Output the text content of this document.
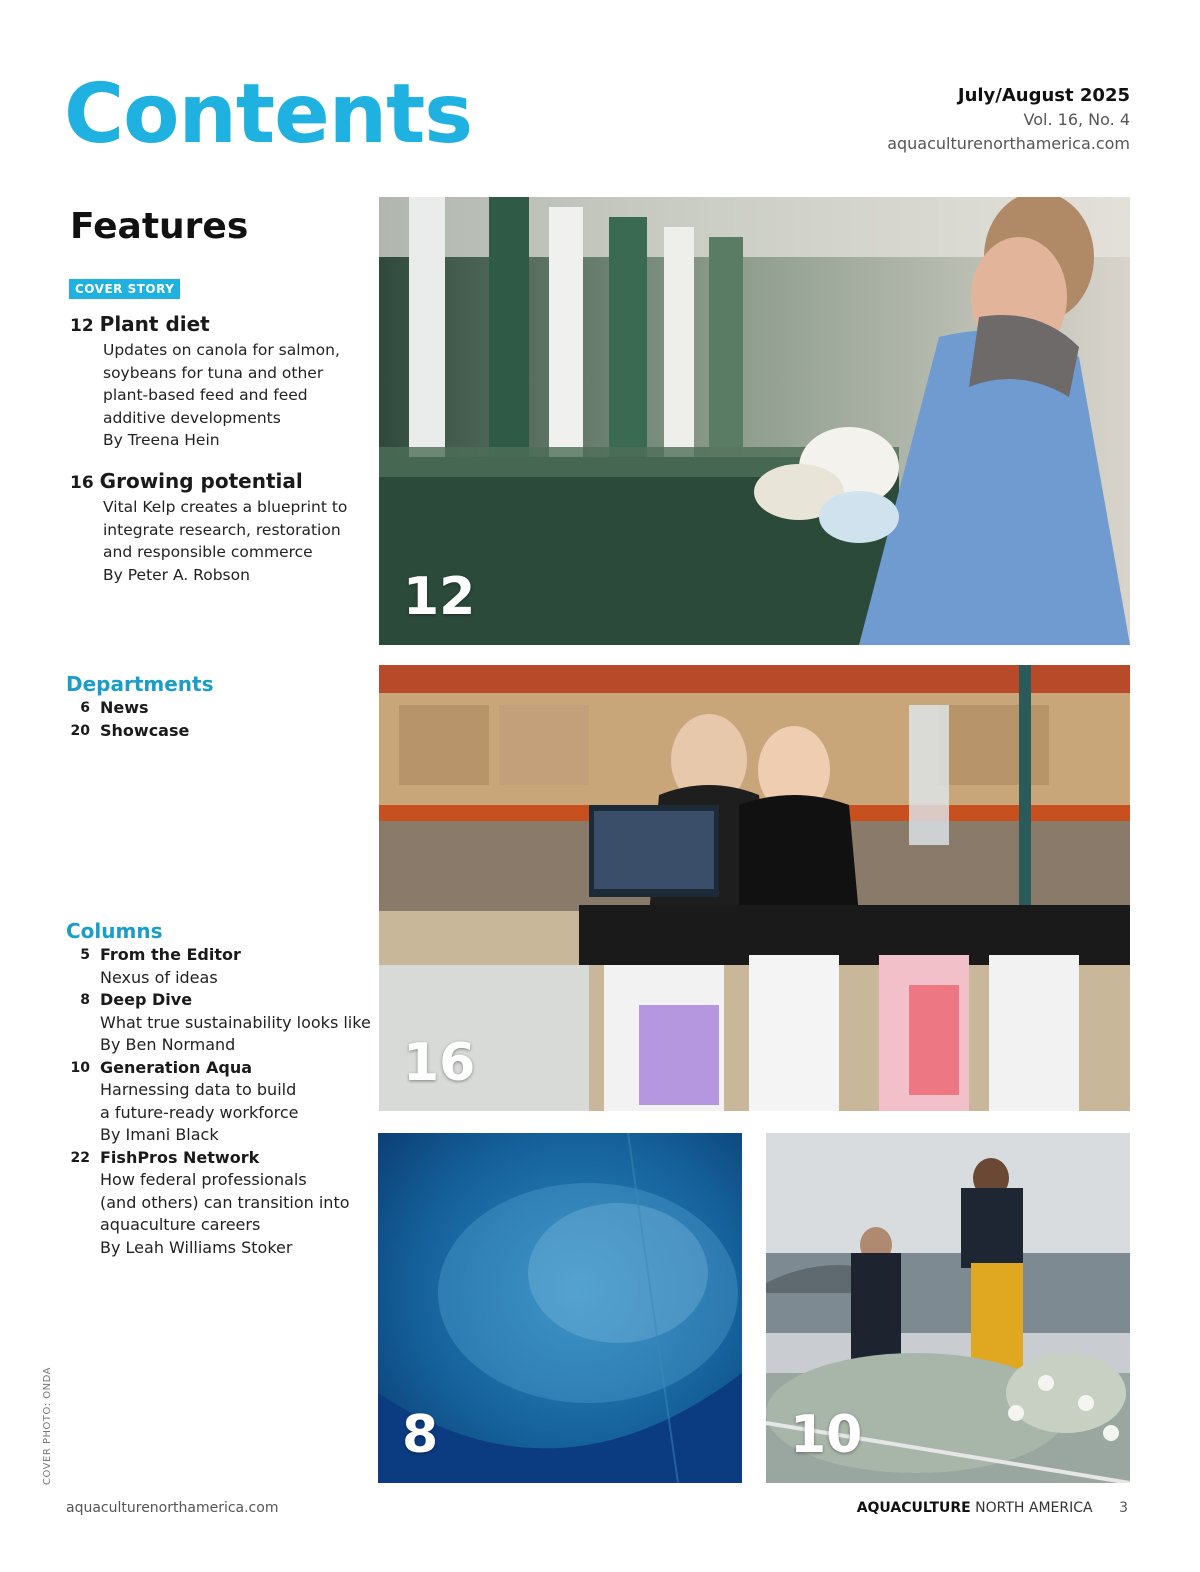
Contents	July/August 2025
Vol. 16, No. 4
aquaculturenorthamerica.com
Features
COVER STORY
12 Plant diet
Updates on canola for salmon, soybeans for tuna and other plant-based feed and feed additive developments
By Treena Hein
16 Growing potential
Vital Kelp creates a blueprint to integrate research, restoration and responsible commerce
By Peter A. Robson
Departments
6 News
20 Showcase
Columns
5 From the Editor
Nexus of ideas
8 Deep Dive
What true sustainability looks like
By Ben Normand
10 Generation Aqua
Harnessing data to build
a future-ready workforce
By Imani Black
22 FishPros Network
How federal professionals
(and others) can transition into
aquaculture careers
By Leah Williams Stoker
12
16
8	10
COVER PHOTO: ONDA
aquaculturenorthamerica.com	AQUACULTURE NORTH AMERICA 3
